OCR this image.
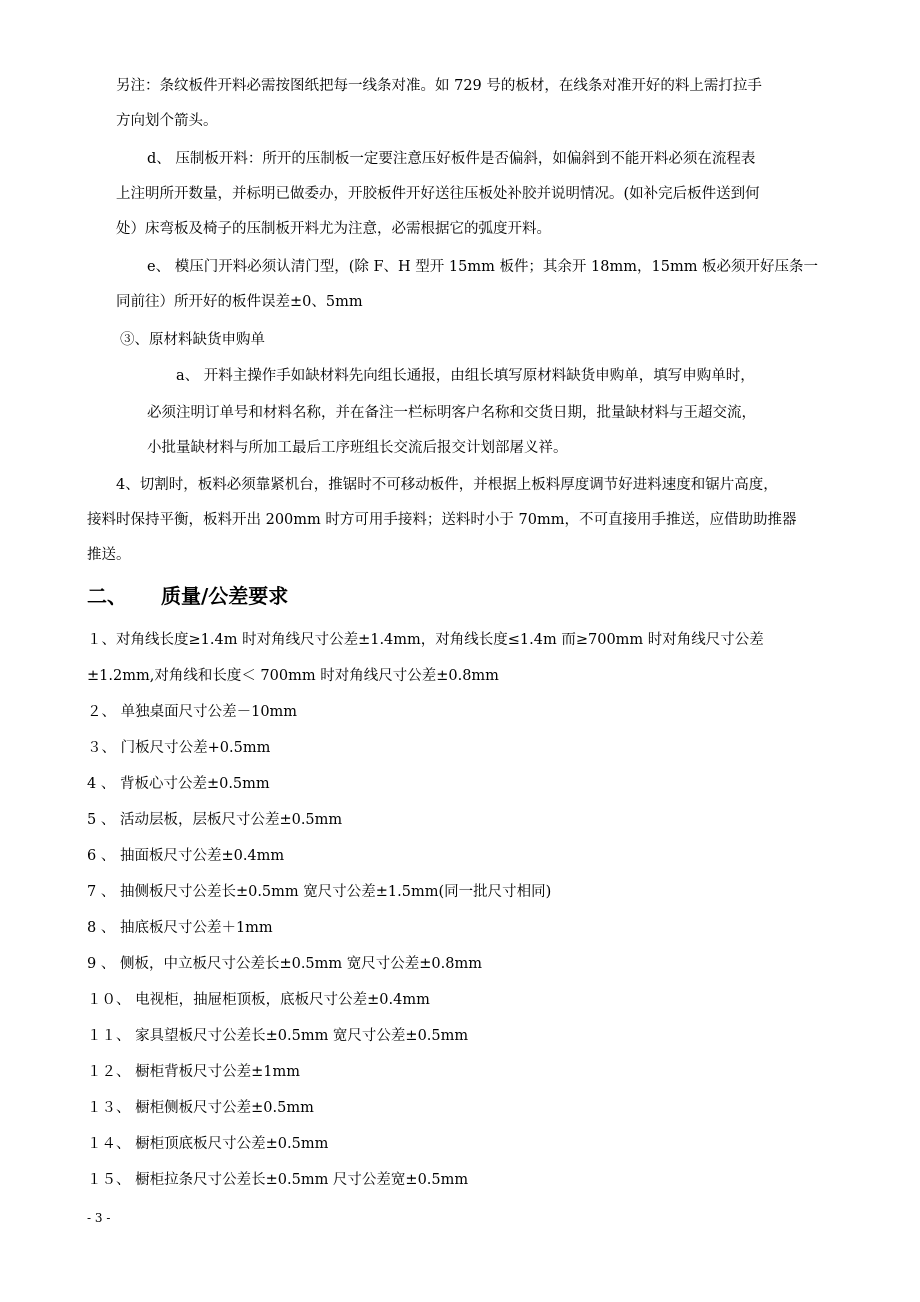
另注：条纹板件开料必需按图纸把每一线条对准。如 729 号的板材，在线条对准开好的料上需打拉手
方向划个箭头。
d、 压制板开料：所开的压制板一定要注意压好板件是否偏斜，如偏斜到不能开料必须在流程表
上注明所开数量，并标明已做委办，开胶板件开好送往压板处补胶并说明情况。(如补完后板件送到何
处）床弯板及椅子的压制板开料尤为注意，必需根据它的弧度开料。
e、 模压门开料必须认清门型，(除 F、H 型开 15mm 板件；其余开 18mm，15mm 板必须开好压条一
同前往）所开好的板件误差±0、5mm
③、原材料缺货申购单
a、 开料主操作手如缺材料先向组长通报，由组长填写原材料缺货申购单，填写申购单时，
必须注明订单号和材料名称，并在备注一栏标明客户名称和交货日期，批量缺材料与王超交流，
小批量缺材料与所加工最后工序班组长交流后报交计划部屠义祥。
4、切割时，板料必须靠紧机台，推锯时不可移动板件，并根据上板料厚度调节好进料速度和锯片高度，
接料时保持平衡，板料开出 200mm 时方可用手接料；送料时小于 70mm，不可直接用手推送，应借助助推器
推送。
二、 质量/公差要求
１、对角线长度≥1.4m 时对角线尺寸公差±1.4mm，对角线长度≤1.4m 而≥700mm 时对角线尺寸公差
±1.2mm,对角线和长度＜ 700mm 时对角线尺寸公差±0.8mm
２、 单独桌面尺寸公差－10mm
３、 门板尺寸公差+0.5mm
4 、 背板心寸公差±0.5mm
5 、 活动层板，层板尺寸公差±0.5mm
6 、 抽面板尺寸公差±0.4mm
7 、 抽侧板尺寸公差长±0.5mm 宽尺寸公差±1.5mm(同一批尺寸相同)
8 、 抽底板尺寸公差＋1mm
9 、 侧板，中立板尺寸公差长±0.5mm 宽尺寸公差±0.8mm
１０、 电视柜，抽屉柜顶板，底板尺寸公差±0.4mm
１１、 家具望板尺寸公差长±0.5mm 宽尺寸公差±0.5mm
１２、 橱柜背板尺寸公差±1mm
１３、 橱柜侧板尺寸公差±0.5mm
１４、 橱柜顶底板尺寸公差±0.5mm
１５、 橱柜拉条尺寸公差长±0.5mm 尺寸公差宽±0.5mm
- 3 -
